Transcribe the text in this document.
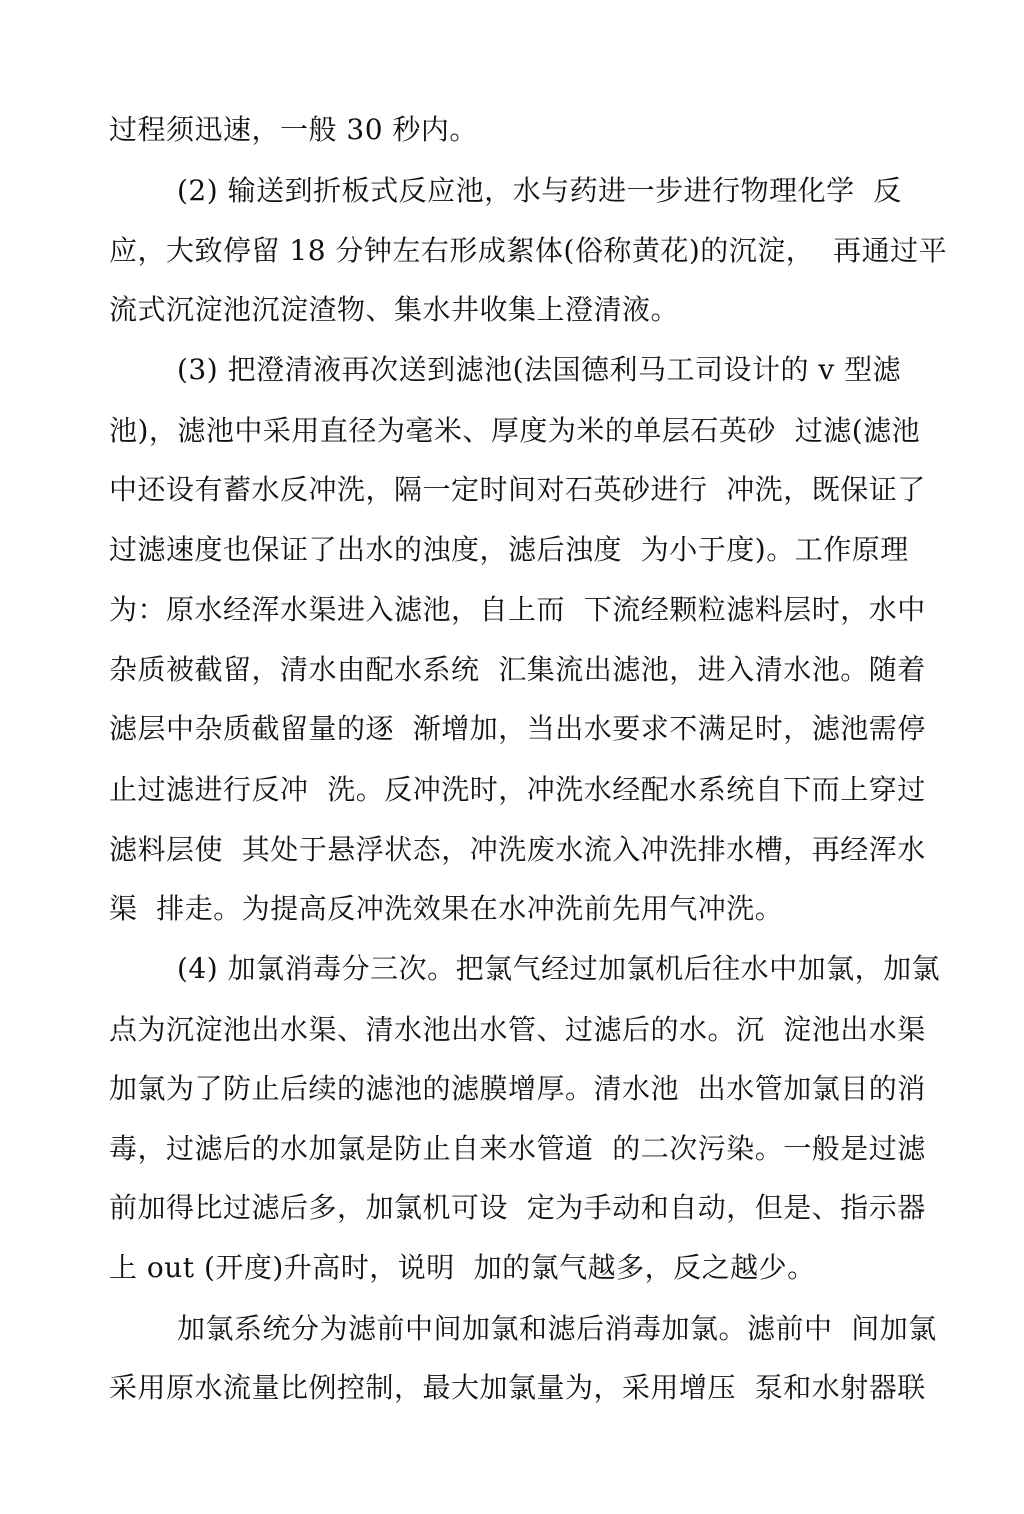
过程须迅速，一般 30 秒内。
(2) 输送到折板式反应池，水与药进一步进行物理化学  反
应，大致停留 18 分钟左右形成絮体(俗称黄花)的沉淀，  再通过平
流式沉淀池沉淀渣物、集水井收集上澄清液。
(3) 把澄清液再次送到滤池(法国德利马工司设计的 v 型滤
池)，滤池中采用直径为毫米、厚度为米的单层石英砂  过滤(滤池
中还设有蓄水反冲洗，隔一定时间对石英砂进行  冲洗，既保证了
过滤速度也保证了出水的浊度，滤后浊度  为小于度)。工作原理
为：原水经浑水渠进入滤池，自上而  下流经颗粒滤料层时，水中
杂质被截留，清水由配水系统  汇集流出滤池，进入清水池。随着
滤层中杂质截留量的逐  渐增加，当出水要求不满足时，滤池需停
止过滤进行反冲  洗。反冲洗时，冲洗水经配水系统自下而上穿过
滤料层使  其处于悬浮状态，冲洗废水流入冲洗排水槽，再经浑水
渠  排走。为提高反冲洗效果在水冲洗前先用气冲洗。
(4) 加氯消毒分三次。把氯气经过加氯机后往水中加氯，加氯
点为沉淀池出水渠、清水池出水管、过滤后的水。沉  淀池出水渠
加氯为了防止后续的滤池的滤膜增厚。清水池  出水管加氯目的消
毒，过滤后的水加氯是防止自来水管道  的二次污染。一般是过滤
前加得比过滤后多，加氯机可设  定为手动和自动，但是、指示器
上 out (开度)升高时，说明  加的氯气越多，反之越少。
加氯系统分为滤前中间加氯和滤后消毒加氯。滤前中  间加氯
采用原水流量比例控制，最大加氯量为，采用增压  泵和水射器联
